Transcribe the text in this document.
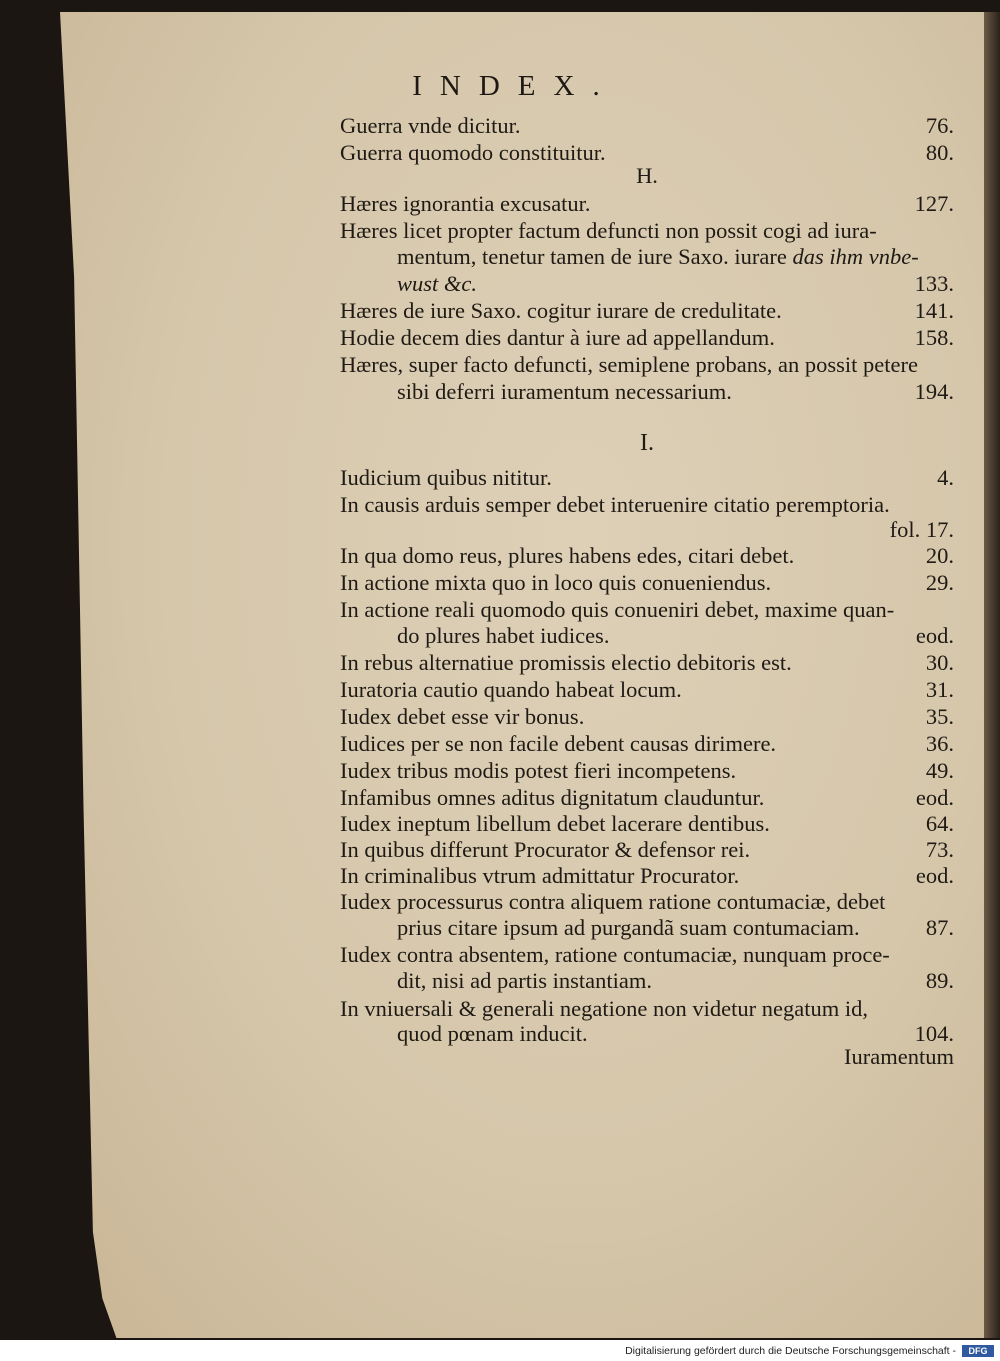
INDEX.
Guerra vnde dicitur.	76.
Guerra quomodo constituitur.	80.
H.
Hæres ignorantia excusatur.	127.
Hæres licet propter factum defuncti non possit cogi ad iura-
mentum, tenetur tamen de iure Saxo. iurare das ihm vnbe-
wust &c.	133.
Hæres de iure Saxo. cogitur iurare de credulitate.	141.
Hodie decem dies dantur à iure ad appellandum.	158.
Hæres, super facto defuncti, semiplene probans, an possit petere
sibi deferri iuramentum necessarium.	194.
I.
Iudicium quibus nititur.	4.
In causis arduis semper debet interuenire citatio peremptoria.
fol. 17.
In qua domo reus, plures habens edes, citari debet.	20.
In actione mixta quo in loco quis conueniendus.	29.
In actione reali quomodo quis conueniri debet, maxime quan-
do plures habet iudices.	eod.
In rebus alternatiue promissis electio debitoris est.	30.
Iuratoria cautio quando habeat locum.	31.
Iudex debet esse vir bonus.	35.
Iudices per se non facile debent causas dirimere.	36.
Iudex tribus modis potest fieri incompetens.	49.
Infamibus omnes aditus dignitatum clauduntur.	eod.
Iudex ineptum libellum debet lacerare dentibus.	64.
In quibus differunt Procurator & defensor rei.	73.
In criminalibus vtrum admittatur Procurator.	eod.
Iudex processurus contra aliquem ratione contumaciæ, debet
prius citare ipsum ad purgandã suam contumaciam.	87.
Iudex contra absentem, ratione contumaciæ, nunquam proce-
dit, nisi ad partis instantiam.	89.
In vniuersali & generali negatione non videtur negatum id,
quod pœnam inducit.	104.
Iuramentum
Digitalisierung gefördert durch die Deutsche Forschungsgemeinschaft -	DFG
